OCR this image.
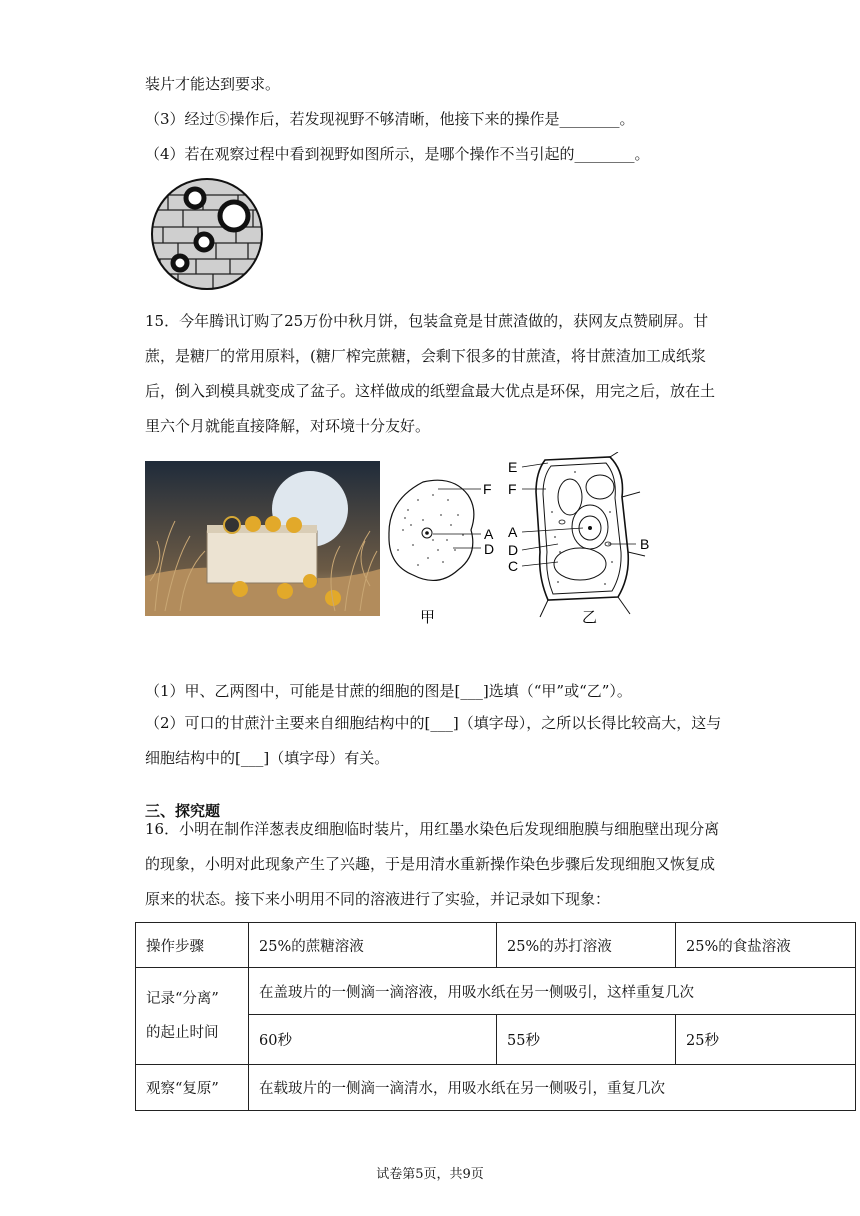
装片才能达到要求。
（3）经过⑤操作后，若发现视野不够清晰，他接下来的操作是________。
（4）若在观察过程中看到视野如图所示，是哪个操作不当引起的________。
15．今年腾讯订购了25万份中秋月饼，包装盒竟是甘蔗渣做的，获网友点赞刷屏。甘
蔗，是糖厂的常用原料，(糖厂榨完蔗糖，会剩下很多的甘蔗渣，将甘蔗渣加工成纸浆
后，倒入到模具就变成了盆子。这样做成的纸塑盒最大优点是环保，用完之后，放在土
里六个月就能直接降解，对环境十分友好。
F
A
D
甲
E
F
A
D
C
B
乙
（1）甲、乙两图中，可能是甘蔗的细胞的图是[___]选填（“甲”或“乙”）。
（2）可口的甘蔗汁主要来自细胞结构中的[___]（填字母），之所以长得比较高大，这与
细胞结构中的[___]（填字母）有关。
三、探究题
16．小明在制作洋葱表皮细胞临时装片，用红墨水染色后发现细胞膜与细胞壁出现分离
的现象，小明对此现象产生了兴趣，于是用清水重新操作染色步骤后发现细胞又恢复成
原来的状态。接下来小明用不同的溶液进行了实验，并记录如下现象：
操作步骤	25%的蔗糖溶液	25%的苏打溶液	25%的食盐溶液

记录“分离”
的起止时间	在盖玻片的一侧滴一滴溶液，用吸水纸在另一侧吸引，这样重复几次		
	60秒	55秒	25秒
观察“复原”	在载玻片的一侧滴一滴清水，用吸水纸在另一侧吸引，重复几次		
试卷第5页，共9页
